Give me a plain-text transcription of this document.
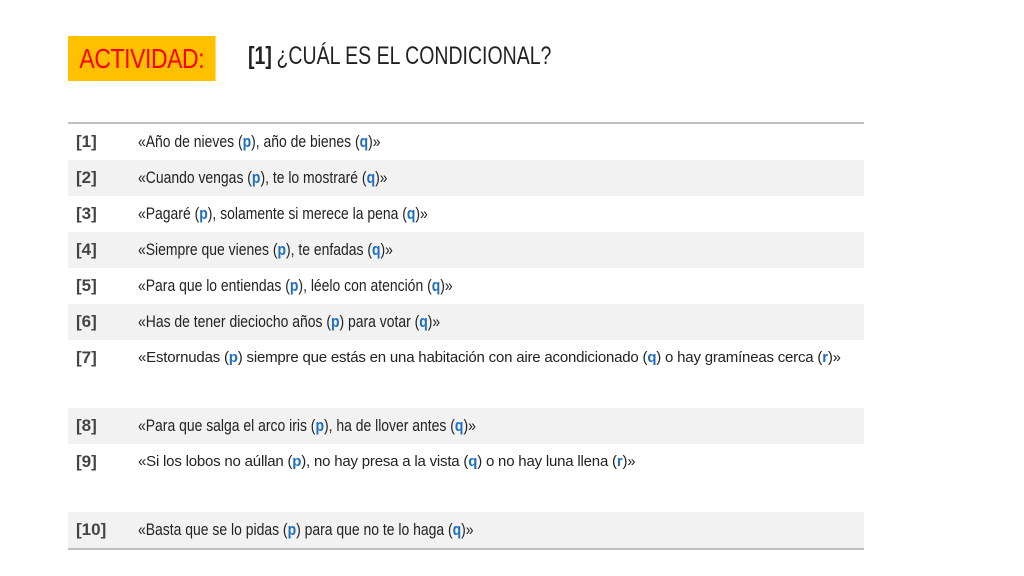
ACTIVIDAD:	[1] ¿CUÁL ES EL CONDICIONAL?
[1]	«Año de nieves (p), año de bienes (q)»

[2]	«Cuando vengas (p), te lo mostraré (q)»

[3]	«Pagaré (p), solamente si merece la pena (q)»

[4]	«Siempre que vienes (p), te enfadas (q)»

[5]	«Para que lo entiendas (p), léelo con atención (q)»

[6]	«Has de tener dieciocho años (p) para votar (q)»

[7]	«Estornudas (p) siempre que estás en una habitación con aire acondicionado (q) o hay gramíneas cerca (r)»

[8]	«Para que salga el arco iris (p), ha de llover antes (q)»

[9]	«Si los lobos no aúllan (p), no hay presa a la vista (q) o no hay luna llena (r)»

[10]	«Basta que se lo pidas (p) para que no te lo haga (q)»
